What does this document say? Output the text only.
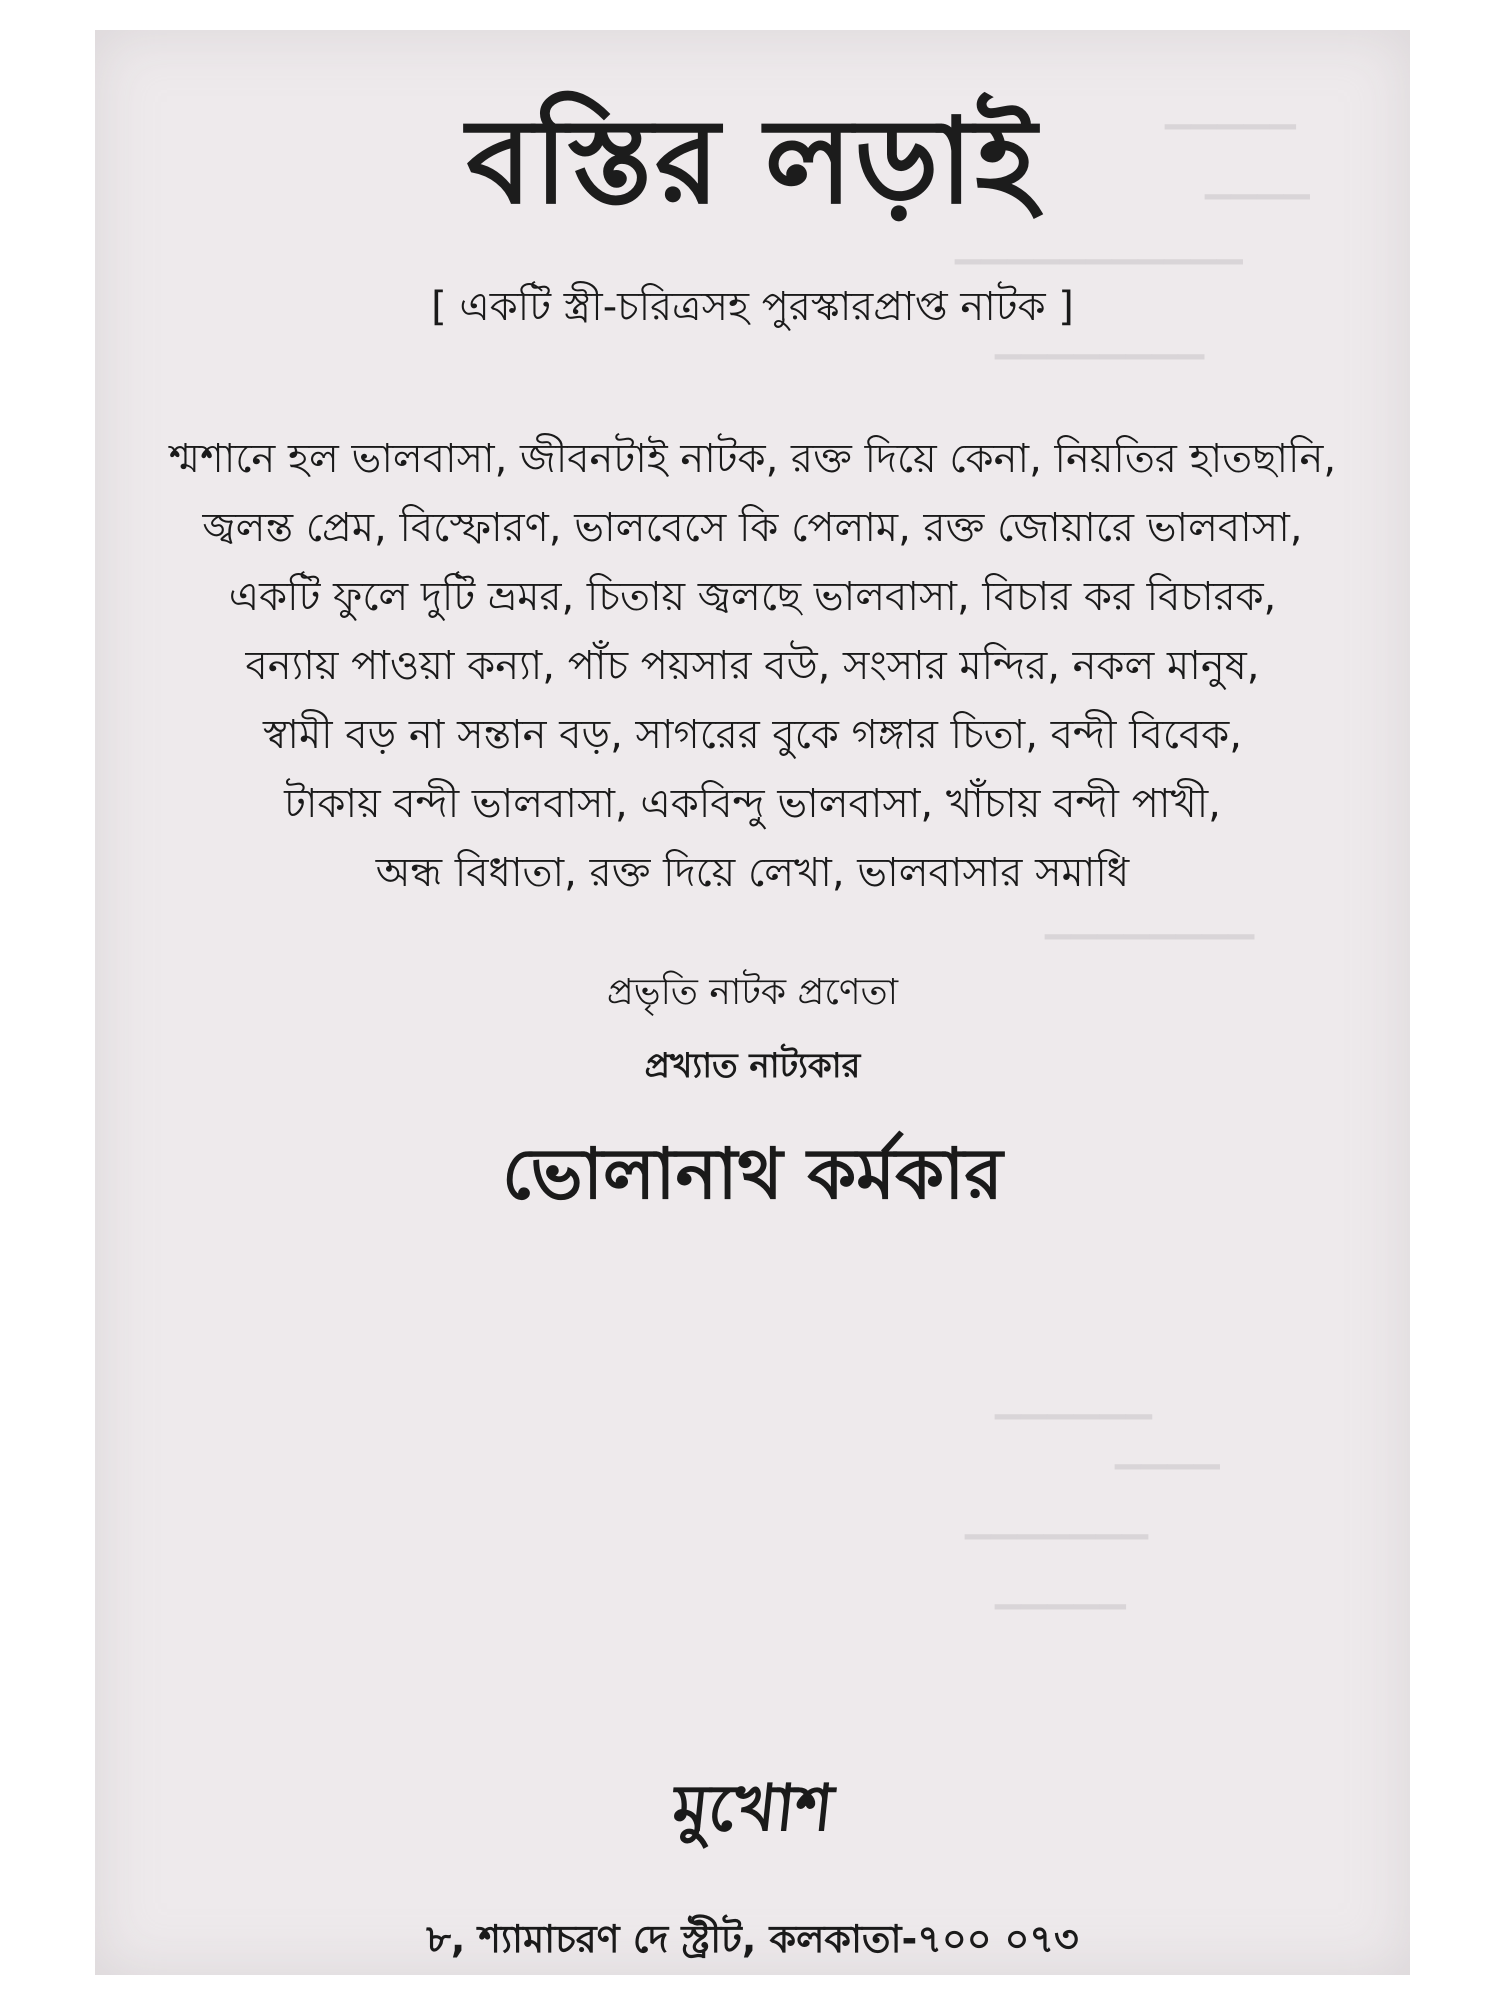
▁▁▁▁▁
▁▁▁▁
▁▁▁▁▁▁▁▁▁▁▁
▁▁▁▁▁▁▁▁
▁▁▁▁▁▁▁▁
▁▁▁▁▁▁
▁▁▁▁
▁▁▁▁▁▁▁
▁▁▁▁▁
বস্তির লড়াই
[ একটি স্ত্রী-চরিত্রসহ পুরস্কারপ্রাপ্ত নাটক ]
শ্মশানে হল ভালবাসা, জীবনটাই নাটক, রক্ত দিয়ে কেনা, নিয়তির হাতছানি,
জ্বলন্ত প্রেম, বিস্ফোরণ, ভালবেসে কি পেলাম, রক্ত জোয়ারে ভালবাসা,
একটি ফুলে দুটি ভ্রমর, চিতায় জ্বলছে ভালবাসা, বিচার কর বিচারক,
বন্যায় পাওয়া কন্যা, পাঁচ পয়সার বউ, সংসার মন্দির, নকল মানুষ,
স্বামী বড় না সন্তান বড়, সাগরের বুকে গঙ্গার চিতা, বন্দী বিবেক,
টাকায় বন্দী ভালবাসা, একবিন্দু ভালবাসা, খাঁচায় বন্দী পাখী,
অন্ধ বিধাতা, রক্ত দিয়ে লেখা, ভালবাসার সমাধি
প্রভৃতি নাটক প্রণেতা
প্রখ্যাত নাট্যকার
ভোলানাথ কর্মকার
মুখোশ
৮, শ্যামাচরণ দে স্ট্রীট, কলকাতা-৭০০ ০৭৩
